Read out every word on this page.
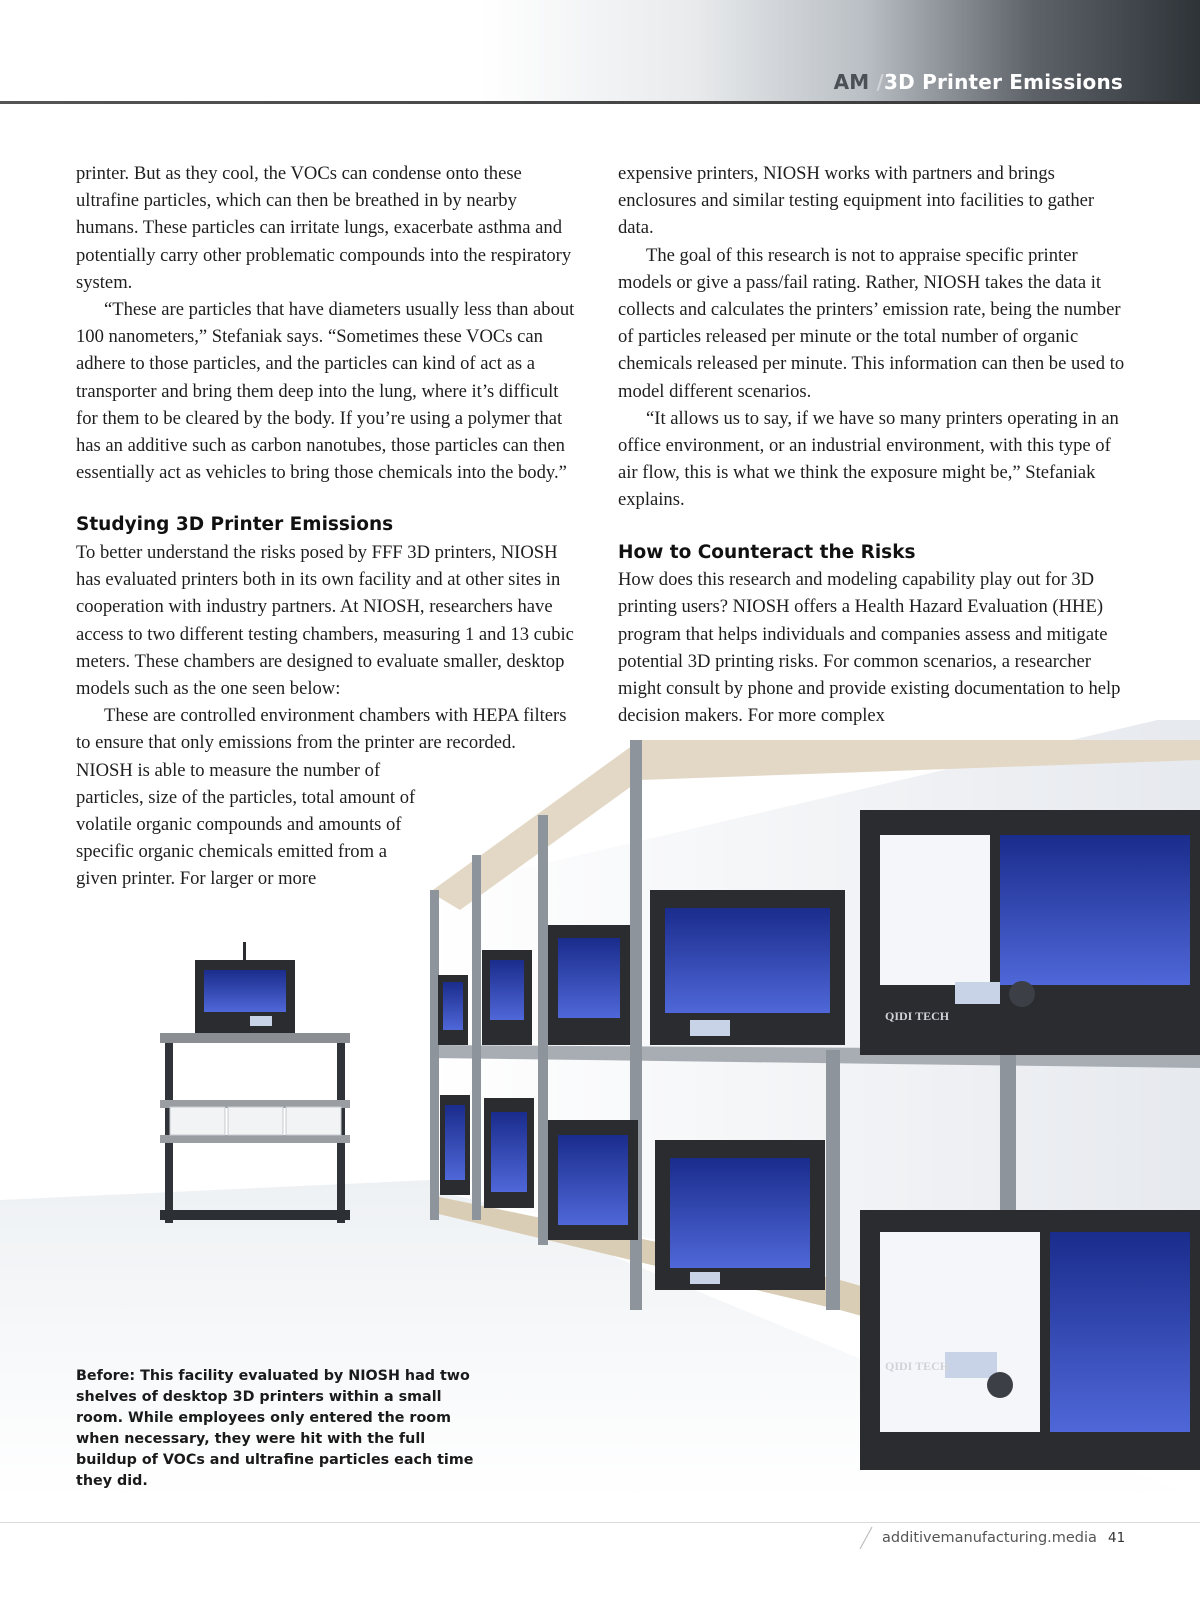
AM /3D Printer Emissions

printer. But as they cool, the VOCs can condense onto these ultrafine particles, which can then be breathed in by nearby humans. These particles can irritate lungs, exacerbate asthma and potentially carry other problematic compounds into the respiratory system.

“These are particles that have diameters usually less than about 100 nanometers,” Stefaniak says. “Sometimes these VOCs can adhere to those particles, and the particles can kind of act as a transporter and bring them deep into the lung, where it’s difficult for them to be cleared by the body. If you’re using a polymer that has an additive such as carbon nanotubes, those particles can then essentially act as vehicles to bring those chemicals into the body.”

Studying 3D Printer Emissions

To better understand the risks posed by FFF 3D printers, NIOSH has evaluated printers both in its own facility and at other sites in cooperation with industry partners. At NIOSH, researchers have access to two different testing chambers, measuring 1 and 13 cubic meters. These chambers are designed to evaluate smaller, desktop models such as the one seen below:

These are controlled environment chambers with HEPA filters to ensure that only emissions from the printer are recorded. NIOSH is able to measure the number of

particles, size of the particles, total amount of volatile organic compounds and amounts of specific organic chemicals emitted from a given printer. For larger or more

expensive printers, NIOSH works with partners and brings enclosures and similar testing equipment into facilities to gather data.

The goal of this research is not to appraise specific printer models or give a pass/fail rating. Rather, NIOSH takes the data it collects and calculates the printers’ emission rate, being the number of particles released per minute or the total number of organic chemicals released per minute. This information can then be used to model different scenarios.

“It allows us to say, if we have so many printers operating in an office environment, or an industrial environment, with this type of air flow, this is what we think the exposure might be,” Stefaniak explains.

How to Counteract the Risks

How does this research and modeling capability play out for 3D printing users? NIOSH offers a Health Hazard Evaluation (HHE) program that helps individuals and companies assess and mitigate potential 3D printing risks. For common scenarios, a researcher might consult by phone and provide existing documentation to help decision makers. For more complex

QIDI TECH
QIDI TECH
Before: This facility evaluated by NIOSH had two shelves of desktop 3D printers within a small room. While employees only entered the room when necessary, they were hit with the full buildup of VOCs and ultrafine particles each time they did.
additivemanufacturing.media 41
